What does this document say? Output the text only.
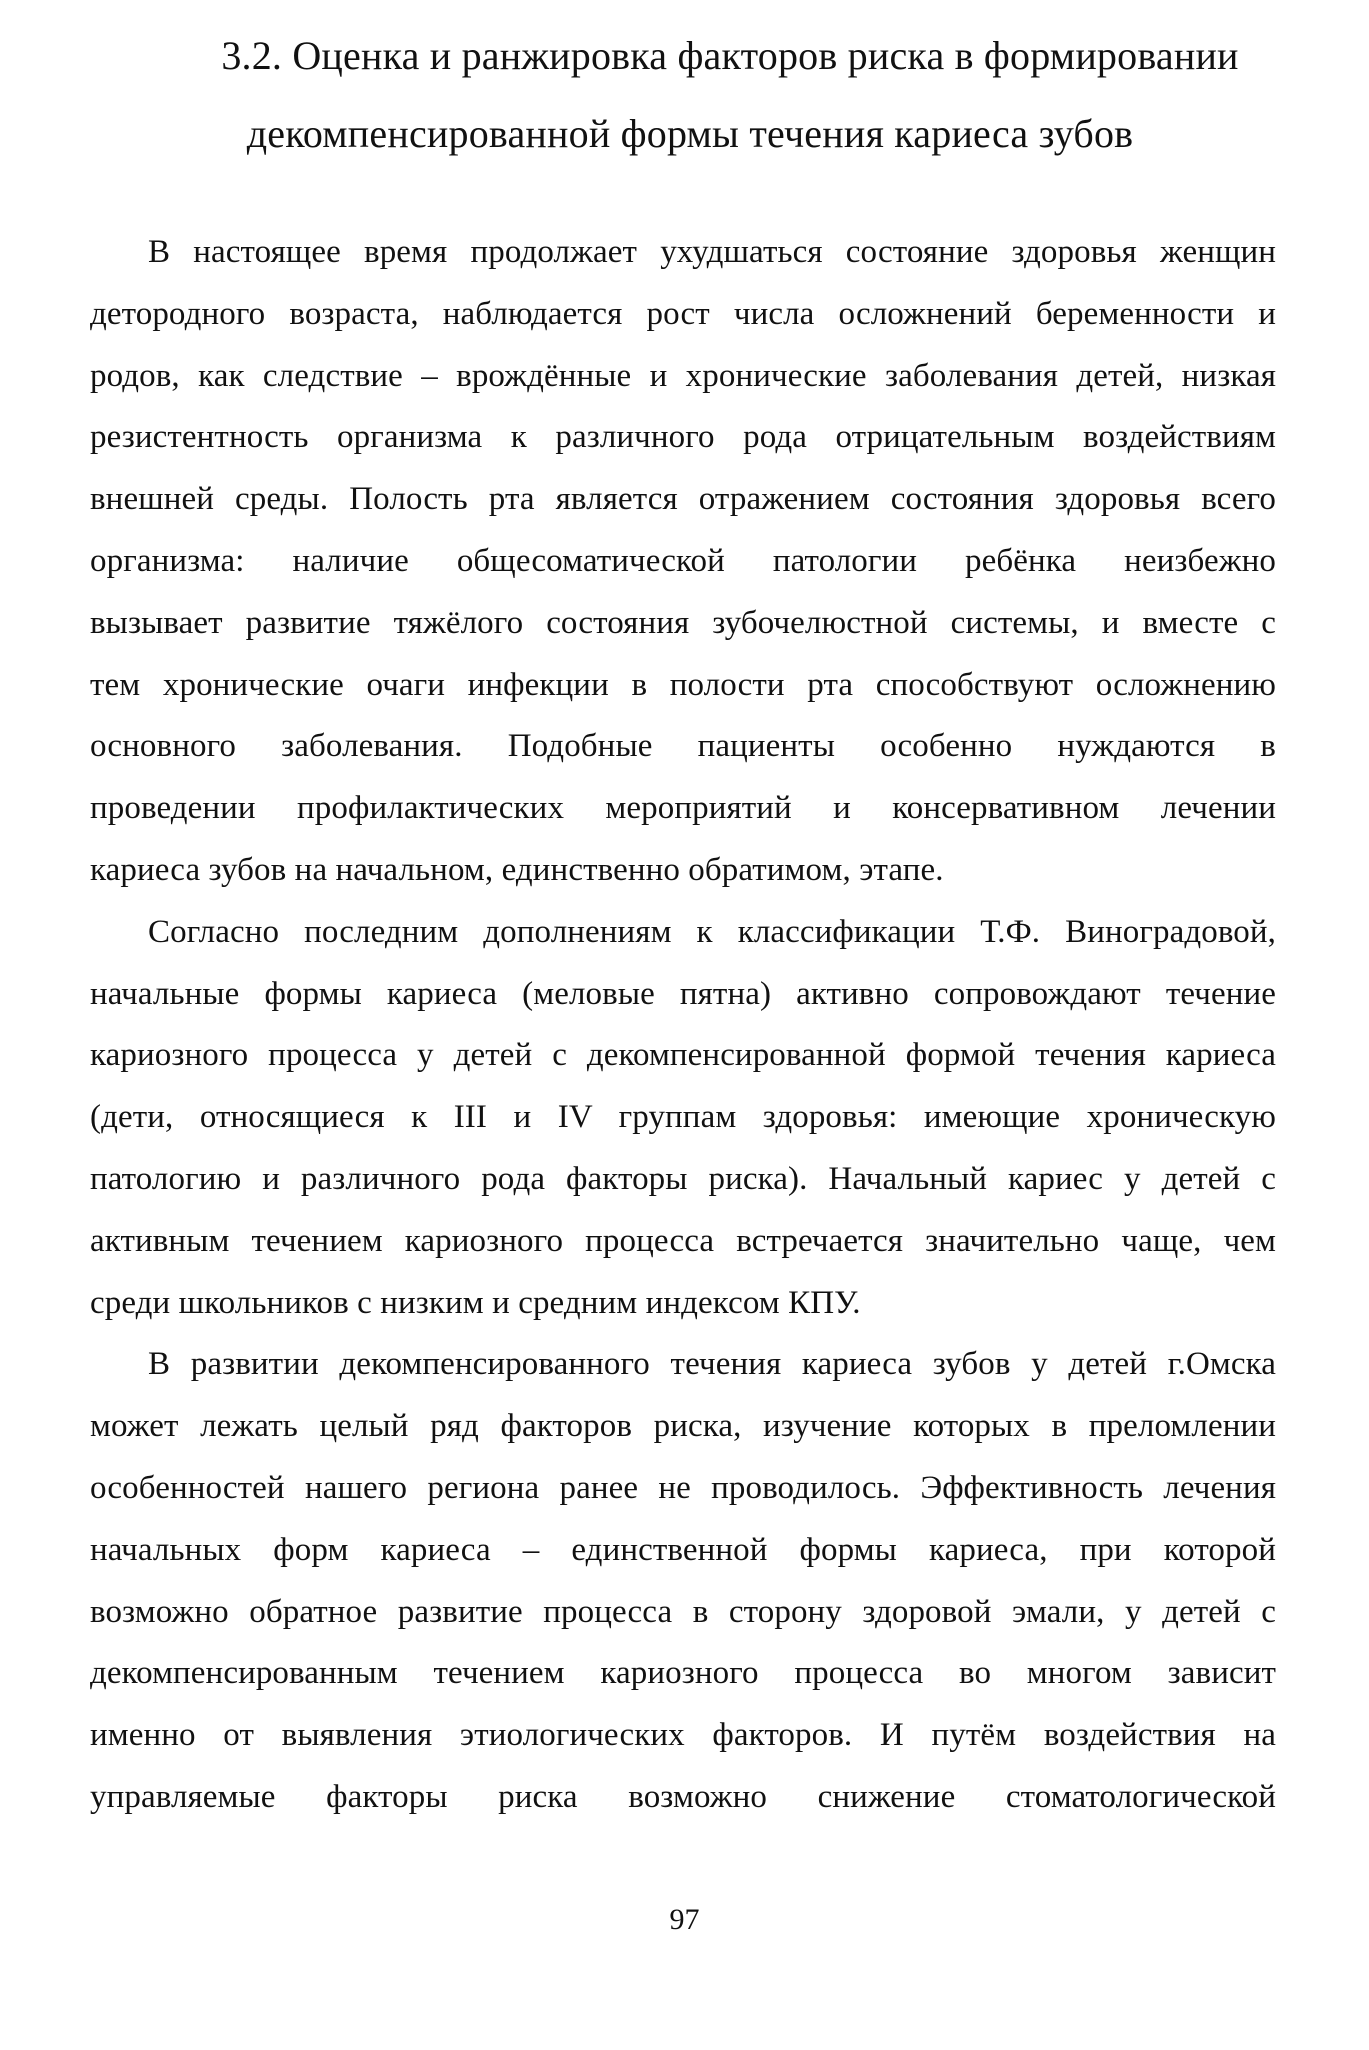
3.2. Оценка и ранжировка факторов риска в формировании
декомпенсированной формы течения кариеса зубов
В настоящее время продолжает ухудшаться состояние здоровья женщин
детородного возраста, наблюдается рост числа осложнений беременности и
родов, как следствие – врождённые и хронические заболевания детей, низкая
резистентность организма к различного рода отрицательным воздействиям
внешней среды. Полость рта является отражением состояния здоровья всего
организма: наличие общесоматической патологии ребёнка неизбежно
вызывает развитие тяжёлого состояния зубочелюстной системы, и вместе с
тем хронические очаги инфекции в полости рта способствуют осложнению
основного заболевания. Подобные пациенты особенно нуждаются в
проведении профилактических мероприятий и консервативном лечении
кариеса зубов на начальном, единственно обратимом, этапе.
Согласно последним дополнениям к классификации Т.Ф. Виноградовой,
начальные формы кариеса (меловые пятна) активно сопровождают течение
кариозного процесса у детей с декомпенсированной формой течения кариеса
(дети, относящиеся к III и IV группам здоровья: имеющие хроническую
патологию и различного рода факторы риска). Начальный кариес у детей с
активным течением кариозного процесса встречается значительно чаще, чем
среди школьников с низким и средним индексом КПУ.
В развитии декомпенсированного течения кариеса зубов у детей г.Омска
может лежать целый ряд факторов риска, изучение которых в преломлении
особенностей нашего региона ранее не проводилось. Эффективность лечения
начальных форм кариеса – единственной формы кариеса, при которой
возможно обратное развитие процесса в сторону здоровой эмали, у детей с
декомпенсированным течением кариозного процесса во многом зависит
именно от выявления этиологических факторов. И путём воздействия на
управляемые факторы риска возможно снижение стоматологической
97
